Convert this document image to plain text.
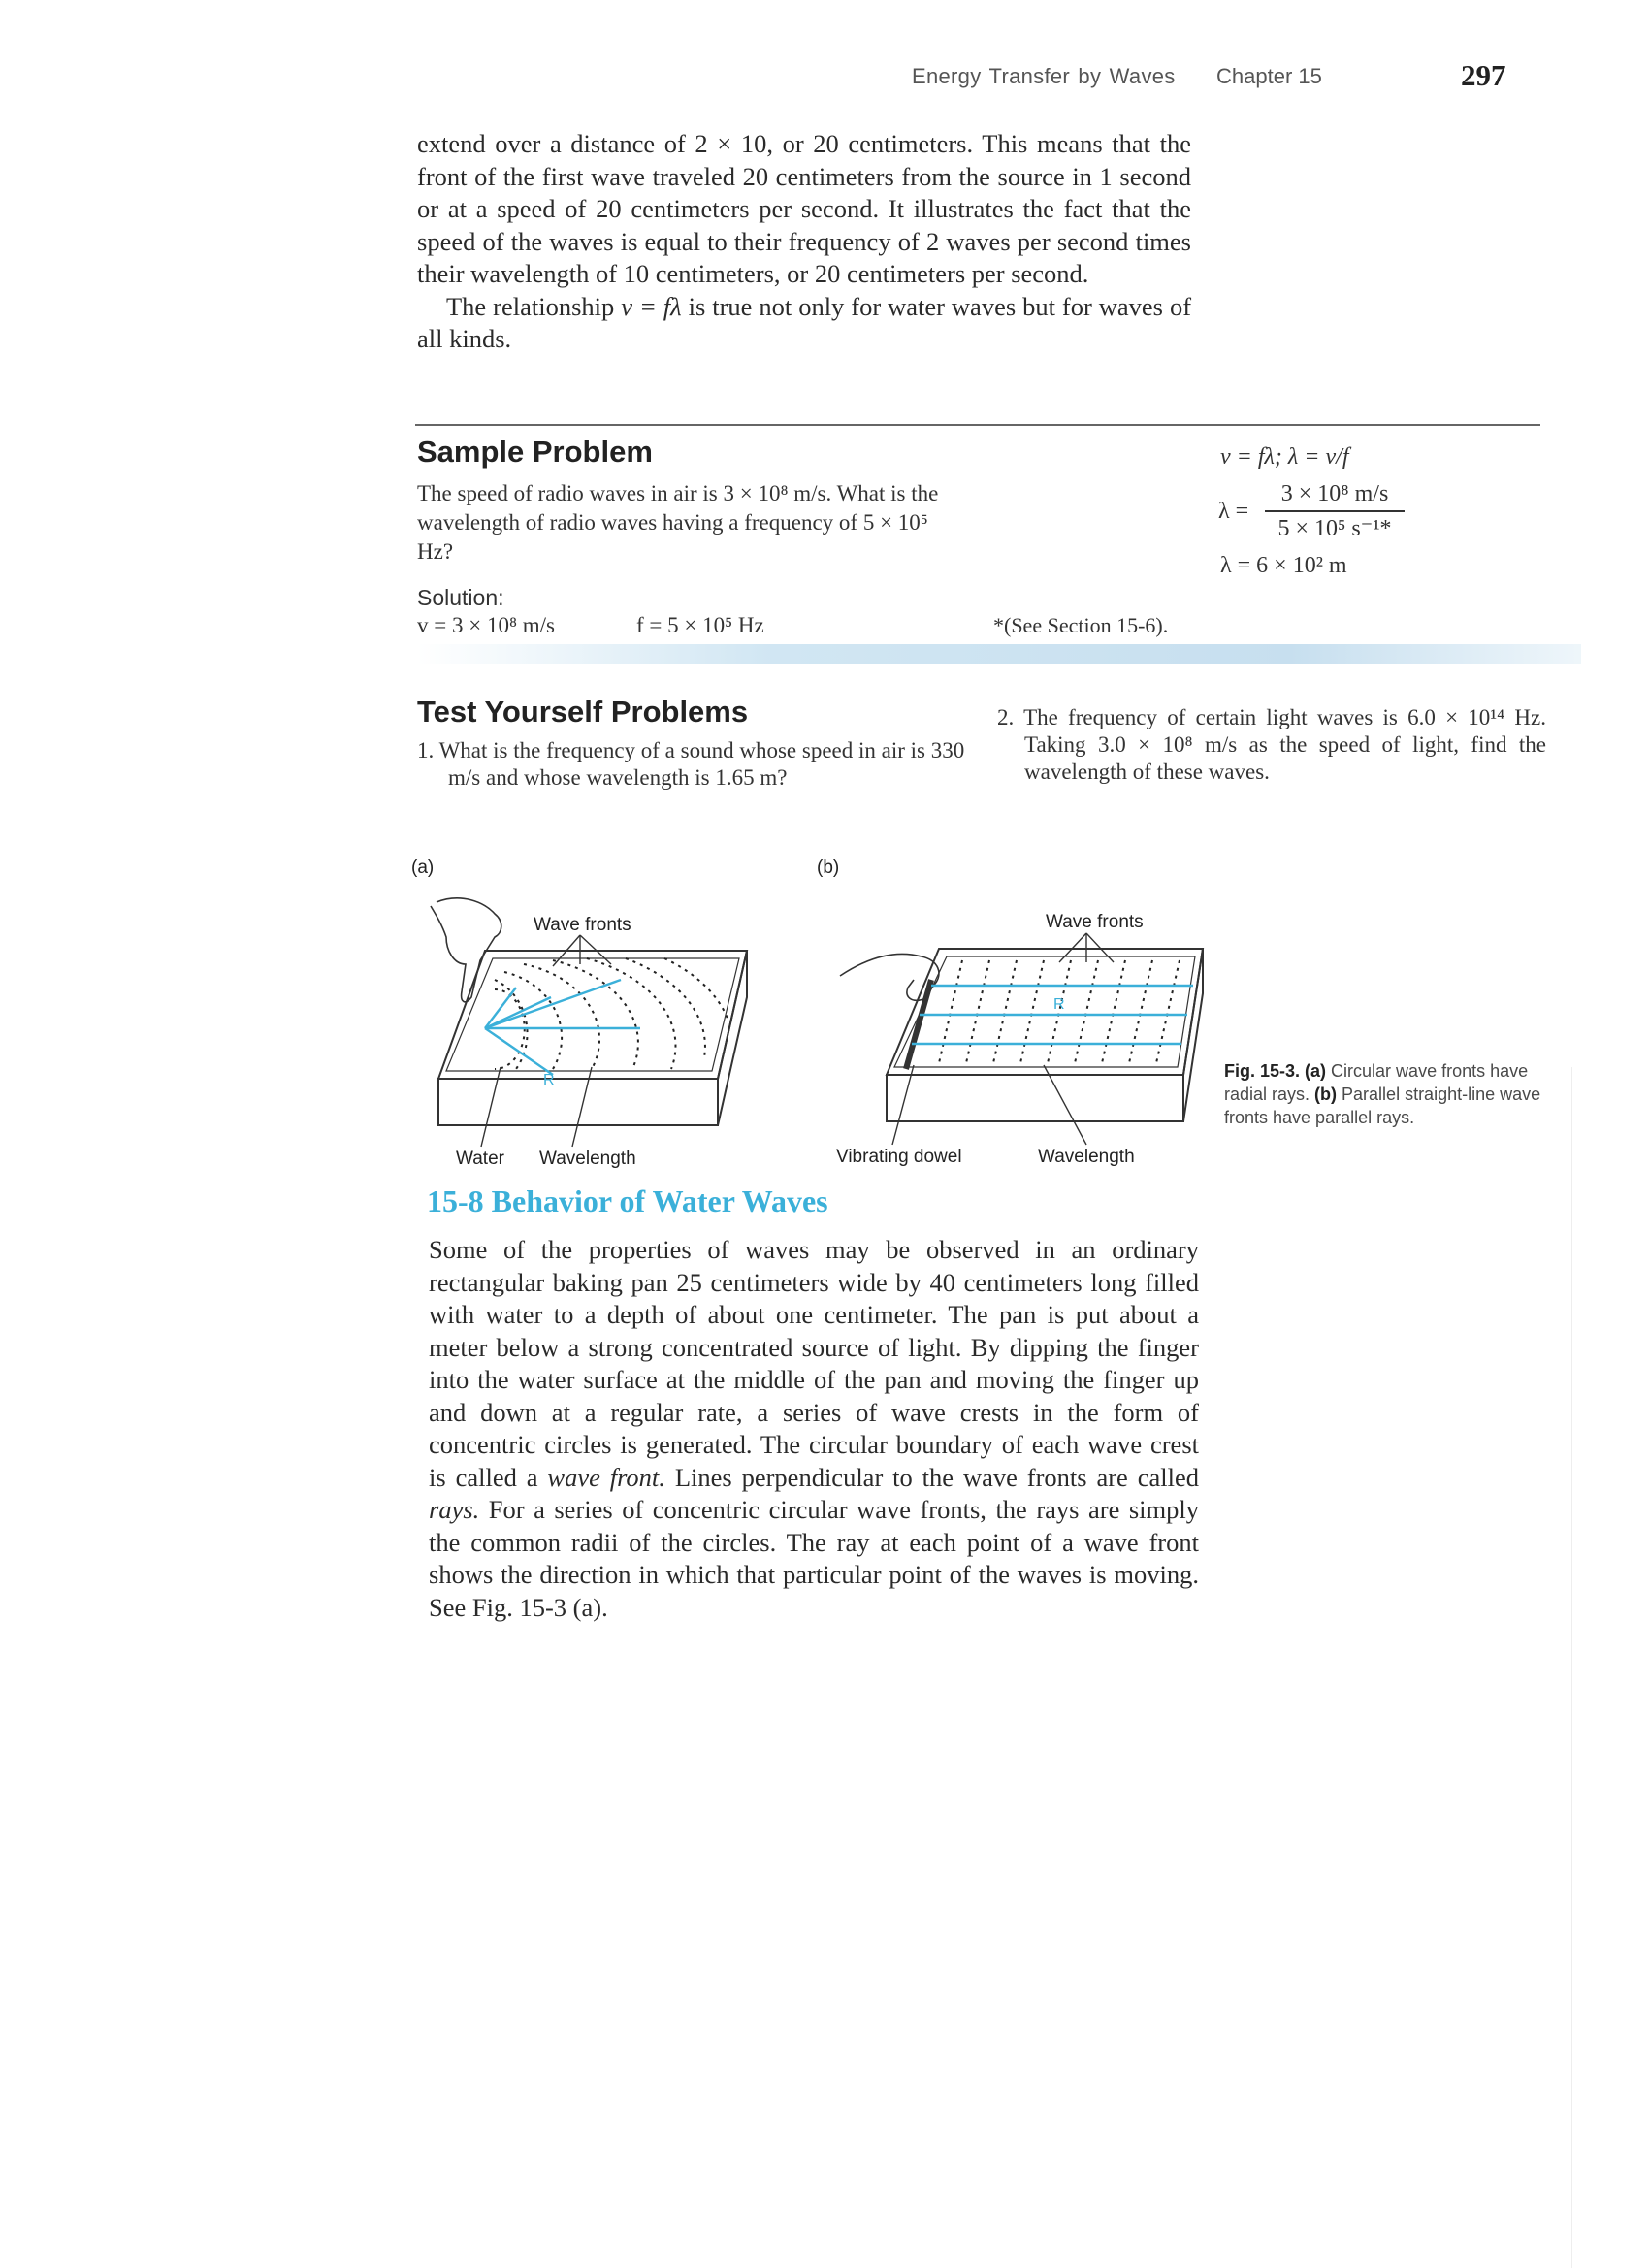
Energy Transfer by Waves Chapter 15	297

extend over a distance of 2 × 10, or 20 centimeters. This means that the front of the first wave traveled 20 centimeters from the source in 1 second or at a speed of 20 centimeters per second. It illustrates the fact that the speed of the waves is equal to their frequency of 2 waves per second times their wavelength of 10 centimeters, or 20 centimeters per second.

The relationship v = fλ is true not only for water waves but for waves of all kinds.

Sample Problem
The speed of radio waves in air is 3 × 10⁸ m/s. What is the wavelength of radio waves having a frequency of 5 × 10⁵ Hz?
Solution:
v = 3 × 10⁸ m/s	f = 5 × 10⁵ Hz	*(See Section 15-6).
v = fλ; λ = v/f
λ =
3 × 10⁸ m/s
5 × 10⁵ s⁻¹*
λ = 6 × 10² m
Test Yourself Problems
1. What is the frequency of a sound whose speed in air is 330 m/s and whose wavelength is 1.65 m?
2. The frequency of certain light waves is 6.0 × 10¹⁴ Hz. Taking 3.0 × 10⁸ m/s as the speed of light, find the wavelength of these waves.
(a)	(b)
R
Wave fronts
Water Wavelength
R
Wave fronts
Vibrating dowel	Wavelength
Fig. 15-3. (a) Circular wave fronts have radial rays. (b) Parallel straight-line wave fronts have parallel rays.
15-8 Behavior of Water Waves

Some of the properties of waves may be observed in an ordinary rectangular baking pan 25 centimeters wide by 40 centimeters long filled with water to a depth of about one centimeter. The pan is put about a meter below a strong concentrated source of light. By dipping the finger into the water surface at the middle of the pan and moving the finger up and down at a regular rate, a series of wave crests in the form of concentric circles is generated. The circular boundary of each wave crest is called a wave front. Lines perpendicular to the wave fronts are called rays. For a series of concentric circular wave fronts, the rays are simply the common radii of the circles. The ray at each point of a wave front shows the direction in which that particular point of the waves is moving. See Fig. 15-3 (a).
